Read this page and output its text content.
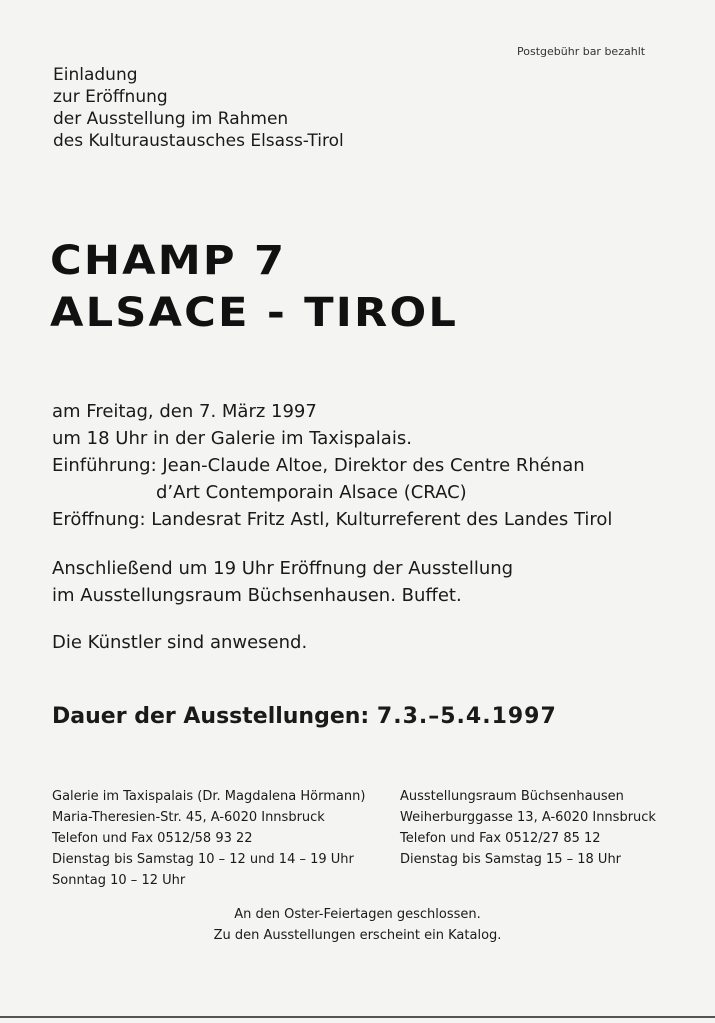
Postgebühr bar bezahlt
Einladung
zur Eröffnung
der Ausstellung im Rahmen
des Kulturaustausches Elsass-Tirol
CHAMP 7
ALSACE - TIROL
am Freitag, den 7. März 1997
um 18 Uhr in der Galerie im Taxispalais.
Einführung: Jean-Claude Altoe, Direktor des Centre Rhénan
d’Art Contemporain Alsace (CRAC)
Eröffnung: Landesrat Fritz Astl, Kulturreferent des Landes Tirol
Anschließend um 19 Uhr Eröffnung der Ausstellung
im Ausstellungsraum Büchsenhausen. Buffet.
Die Künstler sind anwesend.
Dauer der Ausstellungen: 7.3.–5.4.1997
Galerie im Taxispalais (Dr. Magdalena Hörmann)
Maria-Theresien-Str. 45, A-6020 Innsbruck
Telefon und Fax 0512/58 93 22
Dienstag bis Samstag 10 – 12 und 14 – 19 Uhr
Sonntag 10 – 12 Uhr
Ausstellungsraum Büchsenhausen
Weiherburggasse 13, A-6020 Innsbruck
Telefon und Fax 0512/27 85 12
Dienstag bis Samstag 15 – 18 Uhr
An den Oster-Feiertagen geschlossen.
Zu den Ausstellungen erscheint ein Katalog.
